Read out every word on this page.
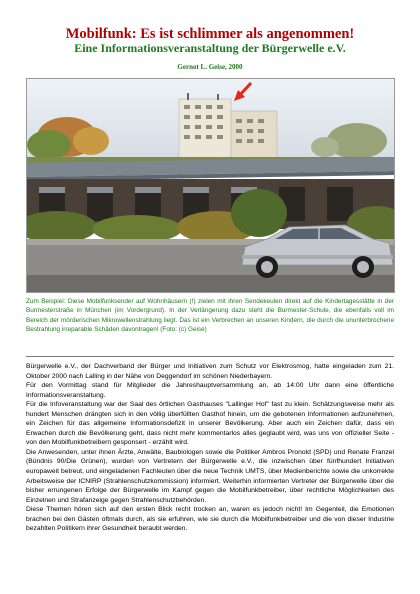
Mobilfunk: Es ist schlimmer als angenommen!
Eine Informationsveranstaltung der Bürgerwelle e.V.
Gernot L. Geise, 2000

Zum Beispiel: Diese Mobilfunksender auf Wohnhäusern (!) zielen mit ihren Sendekeulen direkt auf die Kindertagesstätte in der Burmesterstraße in München (im Vordergrund). In der Verlängerung dazu steht die Burmester-Schule, die ebenfalls voll im Bereich der mörderischen Mikrowellenstrahlung liegt. Das ist ein Verbrechen an unseren Kindern, die durch die ununterbrochene Bestrahlung irreparable Schäden davontragen! (Foto: (c) Geise)

Bürgerwelle e.V., der Dachverband der Bürger und Initiativen zum Schutz vor Elektrosmog, hatte eingeladen zum 21. Oktober 2000 nach Lalling in der Nähe von Deggendorf im schönen Niederbayern.

Für den Vormittag stand für Mitglieder die Jahreshauptversammlung an, ab 14:00 Uhr dann eine öffentliche Informationsveranstaltung.

Für die Infoveranstaltung war der Saal des örtlichen Gasthauses "Lallinger Hof" fast zu klein. Schätzungsweise mehr als hundert Menschen drängten sich in den völlig überfüllten Gasthof hinein, um die gebotenen Informationen aufzunehmen, ein Zeichen für das allgemeine Informationsdefizit in unserer Bevölkerung. Aber auch ein Zeichen dafür, dass ein Erwachen durch die Bevölkerung geht, dass nicht mehr kommentarlos alles geglaubt wird, was uns von offizieller Seite - von den Mobilfunkbetreibern gesponsert - erzählt wird.

Die Anwesenden, unter ihnen Ärzte, Anwälte, Baubiologen sowie die Politiker Ambros Pronold (SPD) und Renate Franzel (Bündnis 90/Die Grünen), wurden von Vertretern der Bürgerwelle e.V., die inzwischen über fünfhundert Initiativen europaweit betreut, und eingeladenen Fachleuten über die neue Technik UMTS, über Medienberichte sowie die unkorrekte Arbeitsweise der ICNIRP (Strahlenschutzkommission) informiert. Weiterhin informierten Vertreter der Bürgerwelle über die bisher errungenen Erfolge der Bürgerwelle im Kampf gegen die Mobilfunkbetreiber, über rechtliche Möglichkeiten des Einzelnen und Strafanzeige gegen Strahlenschutzbehörden.

Diese Themen hören sich auf den ersten Blick recht trocken an, waren es jedoch nicht! Im Gegenteil, die Emotionen brachen bei den Gästen oftmals durch, als sie erfuhren, wie sie durch die Mobilfunkbetreiber und die von dieser Industrie bezahlten Politikern ihrer Gesundheit beraubt werden.
